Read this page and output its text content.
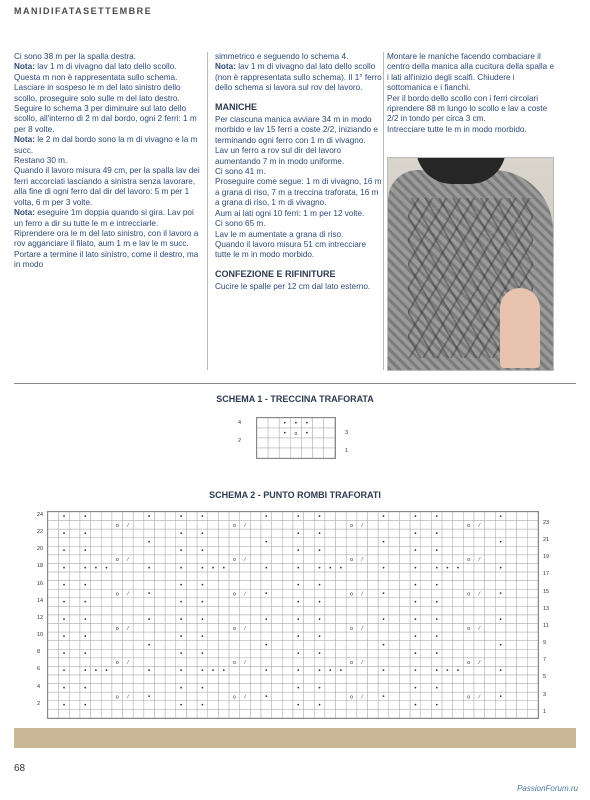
MANIDIFATASETTEMBRE

Ci sono 38 m per la spalla destra.

Nota: lav 1 m di vivagno dal lato dello scollo. Questa m non è rappresentata sullo schema.

Lasciare in sospeso le m del lato sinistro dello scollo, proseguire solo sulle m del lato destro.

Seguire lo schema 3 per diminuire sul lato dello scollo, all'interno di 2 m dal bordo, ogni 2 ferri: 1 m per 8 volte.

Nota: le 2 m dal bordo sono la m di vivagno e la m succ.

Restano 30 m.

Quando il lavoro misura 49 cm, per la spalla lav dei ferri accorciati lasciando a sinistra senza lavorare, alla fine di ogni ferro dal dir del lavoro: 5 m per 1 volta, 6 m per 3 volte.

Nota: eseguire 1m doppia quando si gira. Lav poi un ferro a dir su tutte le m e intrecciarle.

Riprendere ora le m del lato sinistro, con il lavoro a rov agganciare il filato, aum 1 m e lav le m succ. Portare a termine il lato sinistro, come il destro, ma in modo

simmetrico e seguendo lo schema 4.

Nota: lav 1 m di vivagno dal lato dello scollo (non è rappresentata sullo schema). Il 1° ferro dello schema si lavora sul rov del lavoro.

MANICHE

Per ciascuna manica avviare 34 m in modo morbido e lav 15 ferri a coste 2/2, iniziando e terminando ogni ferro con 1 m di vivagno.

Lav un ferro a rov sul dir del lavoro aumentando 7 m in modo uniforme.

Ci sono 41 m.

Proseguire come segue: 1 m di vivagno, 16 m a grana di riso, 7 m a treccina traforata, 16 m a grana di riso, 1 m di vivagno.

Aum ai lati ogni 10 ferri: 1 m per 12 volte.

Ci sono 65 m.

Lav le m aumentate a grana di riso.

Quando il lavoro misura 51 cm intrecciare tutte le m in modo morbido.

CONFEZIONE E RIFINITURE

Cucire le spalle per 12 cm dal lato esterno.

Montare le maniche facendo combaciare il centro della manica alla cucitura della spalla e i lati all'inizio degli scalfi. Chiudere i sottomanica e i fianchi.

Per il bordo dello scollo con i ferri circolari riprendere 88 m lungo lo scollo e lav a coste 2/2 in tondo per circa 3 cm.

Intrecciare tutte le m in modo morbido.

SCHEMA 1 - TRECCINA TRAFORATA
• • •
• o •
4
2
3
1
SCHEMA 2 - PUNTO ROMBI TRAFORATI
•	•	•	•	•	•	•	•	•	•	•	•
o ⁄	o ⁄	o ⁄	o ⁄
•	•	•	•	•	•	•	•
•	•	•	•
•	•	•	•	•	•	•	•
o ⁄	o ⁄	o ⁄	o ⁄
•	• • •	•	•	• • •	•	•	• • •	•	•	• • •	•
•	•	•	•	•	•	•	•
o ⁄	•	o ⁄	•	o ⁄	•	o ⁄	•
•	•	•	•	•	•	•	•
•	•	•	•	•	•	•	•	•	•	•	•
o ⁄	o ⁄	o ⁄	o ⁄
•	•	•	•	•	•	•	•
•	•	•	•
•	•	•	•	•	•	•	•
o ⁄	o ⁄	o ⁄	o ⁄
•	• • •	•	•	• • •	•	•	• • •	•	•	• • •	•
•	•	•	•	•	•	•	•
o ⁄	•	o ⁄	•	o ⁄	•	o ⁄	•
•	•	•	•	•	•	•	•
24
22
20
18
16
14
12
10
8
6
4
2
23
21
19
17
15
13
11
9
7
5
3
1
68
PassionForum.ru
